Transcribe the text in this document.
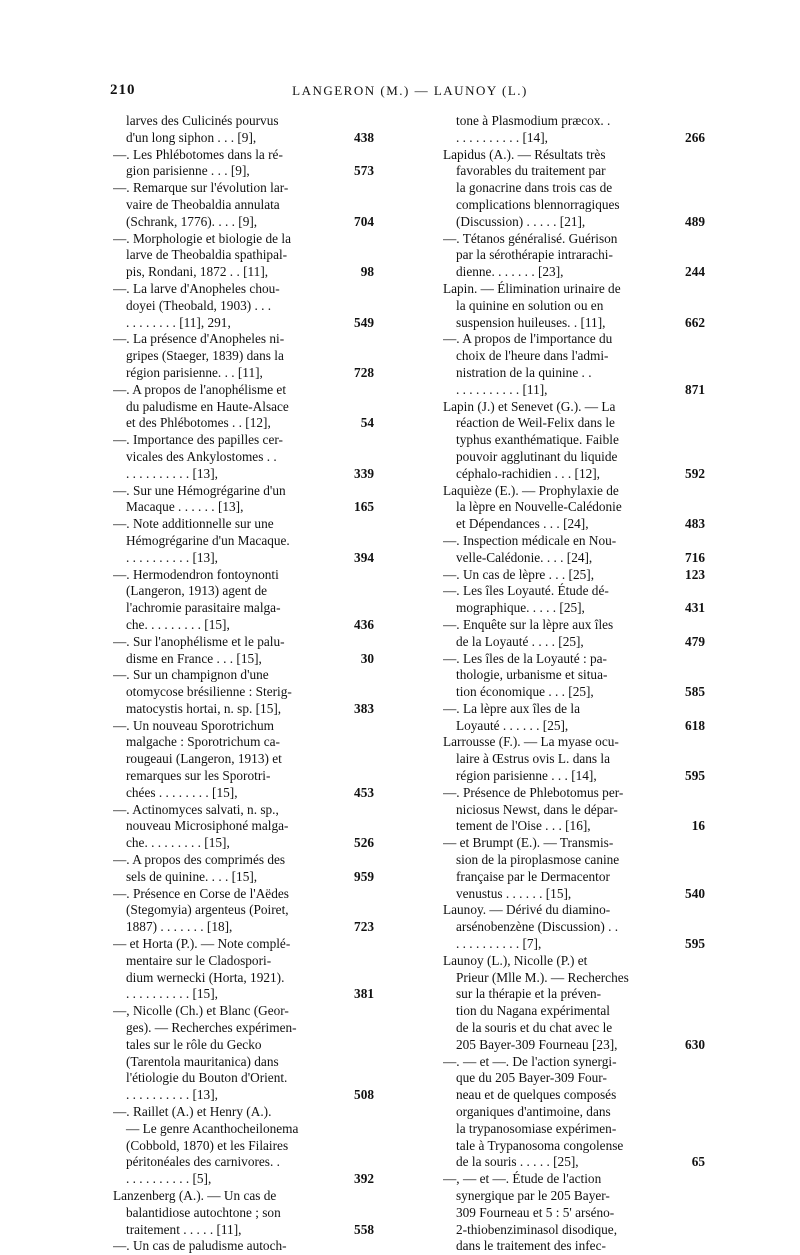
210	LANGERON (M.) — LAUNOY (L.)
larves des Culicinés pourvus
d'un long siphon . . . [9],
—. Les Phlébotomes dans la ré-
gion parisienne . . . [9],
—. Remarque sur l'évolution lar-
vaire de Theobaldia annulata
(Schrank, 1776). . . . [9],
—. Morphologie et biologie de la
larve de Theobaldia spathipal-
pis, Rondani, 1872 . . [11],
—. La larve d'Anopheles chou-
doyei (Theobald, 1903) . . .
. . . . . . . . [11], 291,
—. La présence d'Anopheles ni-
gripes (Staeger, 1839) dans la
région parisienne. . . [11],
—. A propos de l'anophélisme et
du paludisme en Haute-Alsace
et des Phlébotomes . . [12],
—. Importance des papilles cer-
vicales des Ankylostomes . .
. . . . . . . . . . [13],
—. Sur une Hémogrégarine d'un
Macaque . . . . . . [13],
—. Note additionnelle sur une
Hémogrégarine d'un Macaque.
. . . . . . . . . . [13],
—. Hermodendron fontoynonti
(Langeron, 1913) agent de
l'achromie parasitaire malga-
che. . . . . . . . . [15],
—. Sur l'anophélisme et le palu-
disme en France . . . [15],
—. Sur un champignon d'une
otomycose brésilienne : Sterig-
matocystis hortai, n. sp. [15],
—. Un nouveau Sporotrichum
malgache : Sporotrichum ca-
rougeaui (Langeron, 1913) et
remarques sur les Sporotri-
chées . . . . . . . . [15],
—. Actinomyces salvati, n. sp.,
nouveau Microsiphoné malga-
che. . . . . . . . . [15],
—. A propos des comprimés des
sels de quinine. . . . [15],
—. Présence en Corse de l'Aëdes
(Stegomyia) argenteus (Poiret,
1887) . . . . . . . [18],
— et Horta (P.). — Note complé-
mentaire sur le Cladospori-
dium wernecki (Horta, 1921).
. . . . . . . . . . [15],
—, Nicolle (Ch.) et Blanc (Geor-
ges). — Recherches expérimen-
tales sur le rôle du Gecko
(Tarentola mauritanica) dans
l'étiologie du Bouton d'Orient.
. . . . . . . . . . [13],
—. Raillet (A.) et Henry (A.).
— Le genre Acanthocheilonema
(Cobbold, 1870) et les Filaires
péritonéales des carnivores. .
. . . . . . . . . . [5],
Lanzenberg (A.). — Un cas de
balantidiose autochtone ; son
traitement . . . . . [11],
—. Un cas de paludisme autoch-
438
573
704
98
549
728
54
339
165
394
436
30
383
453
526
959
723
381
508
392
558
tone à Plasmodium præcox. .
. . . . . . . . . . [14],
Lapidus (A.). — Résultats très
favorables du traitement par
la gonacrine dans trois cas de
complications blennorragiques
(Discussion) . . . . . [21],
—. Tétanos généralisé. Guérison
par la sérothérapie intrarachi-
dienne. . . . . . . [23],
Lapin. — Élimination urinaire de
la quinine en solution ou en
suspension huileuses. . [11],
—. A propos de l'importance du
choix de l'heure dans l'admi-
nistration de la quinine . .
. . . . . . . . . . [11],
Lapin (J.) et Senevet (G.). — La
réaction de Weil-Felix dans le
typhus exanthématique. Faible
pouvoir agglutinant du liquide
céphalo-rachidien . . . [12],
Laquièze (E.). — Prophylaxie de
la lèpre en Nouvelle-Calédonie
et Dépendances . . . [24],
—. Inspection médicale en Nou-
velle-Calédonie. . . . [24],
—. Un cas de lèpre . . . [25],
—. Les îles Loyauté. Étude dé-
mographique. . . . . [25],
—. Enquête sur la lèpre aux îles
de la Loyauté . . . . [25],
—. Les îles de la Loyauté : pa-
thologie, urbanisme et situa-
tion économique . . . [25],
—. La lèpre aux îles de la
Loyauté . . . . . . [25],
Larrousse (F.). — La myase ocu-
laire à Œstrus ovis L. dans la
région parisienne . . . [14],
—. Présence de Phlebotomus per-
niciosus Newst, dans le dépar-
tement de l'Oise . . . [16],
— et Brumpt (E.). — Transmis-
sion de la piroplasmose canine
française par le Dermacentor
venustus . . . . . . [15],
Launoy. — Dérivé du diamino-
arsénobenzène (Discussion) . .
. . . . . . . . . . [7],
Launoy (L.), Nicolle (P.) et
Prieur (Mlle M.). — Recherches
sur la thérapie et la préven-
tion du Nagana expérimental
de la souris et du chat avec le
205 Bayer-309 Fourneau [23],
—. — et —. De l'action synergi-
que du 205 Bayer-309 Four-
neau et de quelques composés
organiques d'antimoine, dans
la trypanosomiase expérimen-
tale à Trypanosoma congolense
de la souris . . . . . [25],
—, — et —. Étude de l'action
synergique par le 205 Bayer-
309 Fourneau et 5 : 5' arséno-
2-thiobenziminasol disodique,
dans le traitement des infec-
266
489
244
662
871
592
483
716
123
431
479
585
618
595
16
540
595
630
65
